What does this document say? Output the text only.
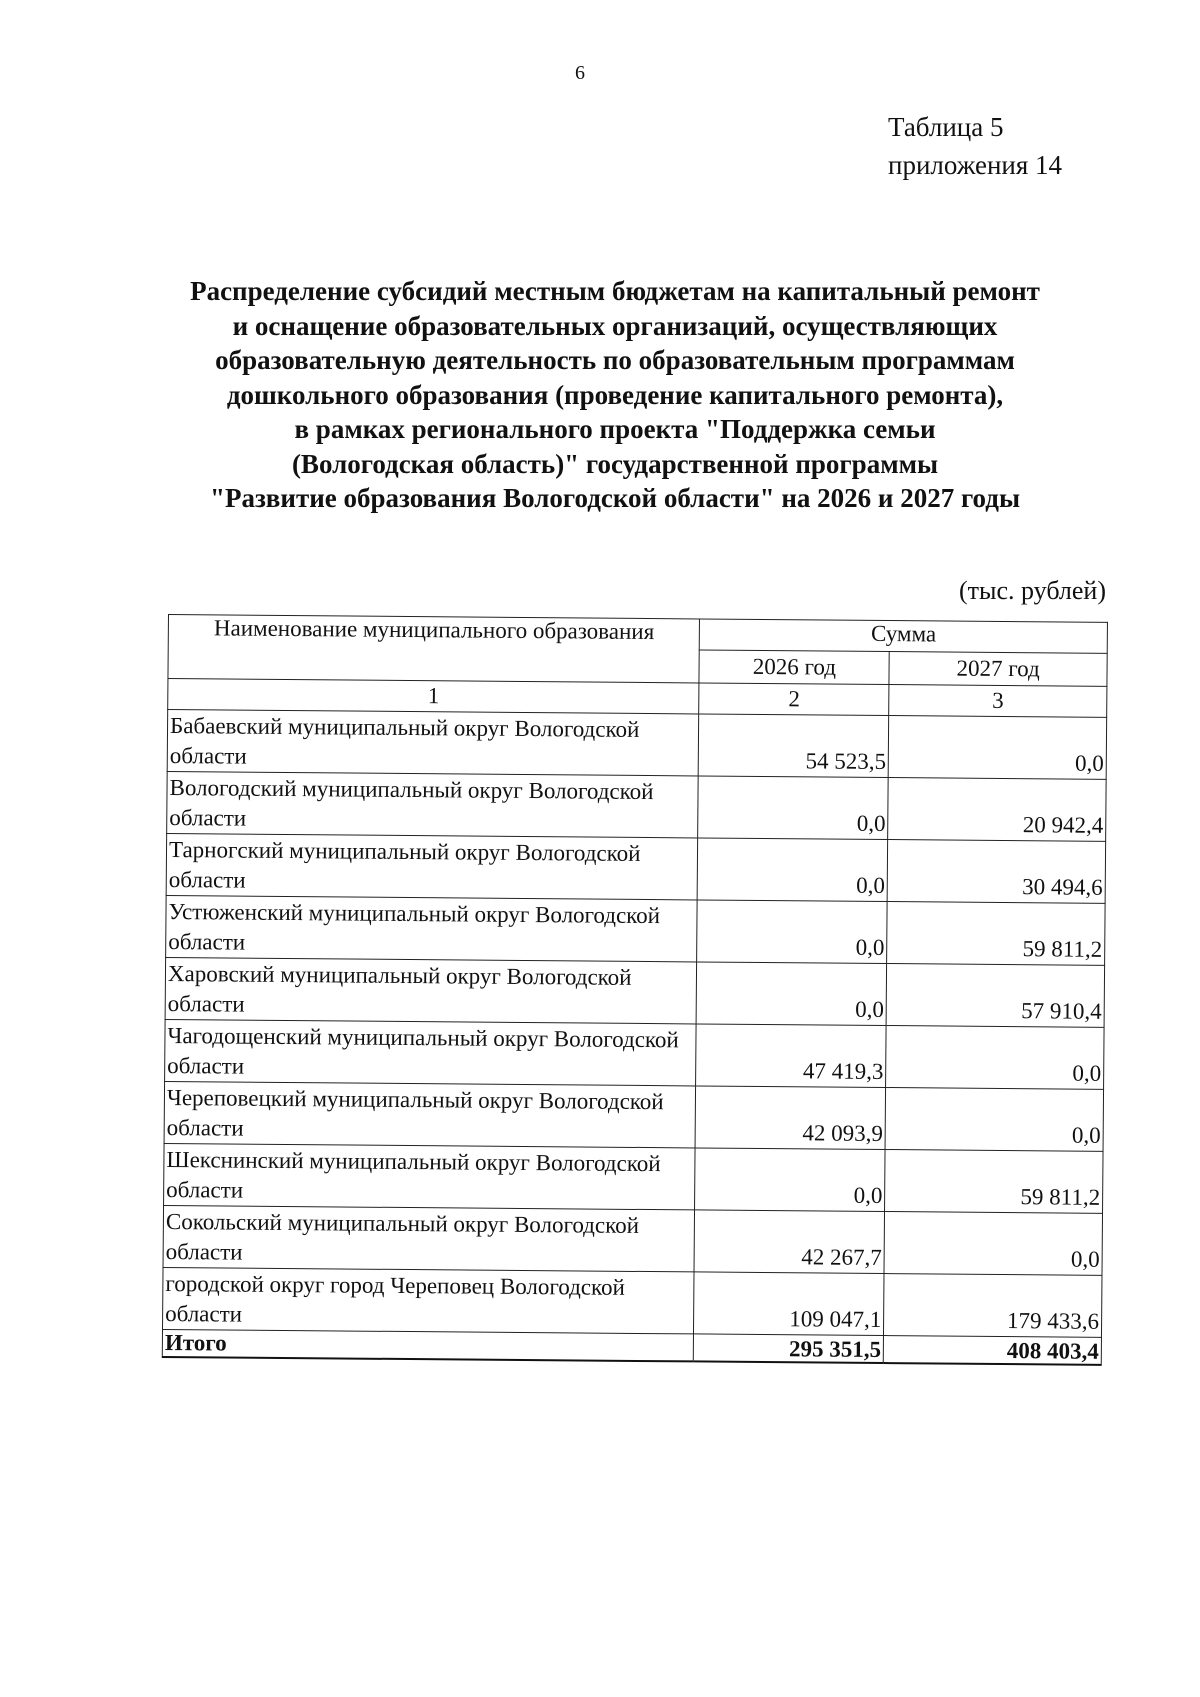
6
Таблица 5
приложения 14
Распределение субсидий местным бюджетам на капитальный ремонт
и оснащение образовательных организаций, осуществляющих
образовательную деятельность по образовательным программам
дошкольного образования (проведение капитального ремонта),
в рамках регионального проекта "Поддержка семьи
(Вологодская область)" государственной программы
"Развитие образования Вологодской области" на 2026 и 2027 годы
(тыс. рублей)
Наименование муниципального образования	Сумма	
	2026 год	2027 год
1	2	3
Бабаевский муниципальный округ Вологодской области	54 523,5	0,0
Вологодский муниципальный округ Вологодской области	0,0	20 942,4
Тарногский муниципальный округ Вологодской области	0,0	30 494,6
Устюженский муниципальный округ Вологодской области	0,0	59 811,2
Харовский муниципальный округ Вологодской области	0,0	57 910,4
Чагодощенский муниципальный округ Вологодской области	47 419,3	0,0
Череповецкий муниципальный округ Вологодской области	42 093,9	0,0
Шекснинский муниципальный округ Вологодской области	0,0	59 811,2
Сокольский муниципальный округ Вологодской области	42 267,7	0,0
городской округ город Череповец Вологодской области	109 047,1	179 433,6
Итого	295 351,5	408 403,4
